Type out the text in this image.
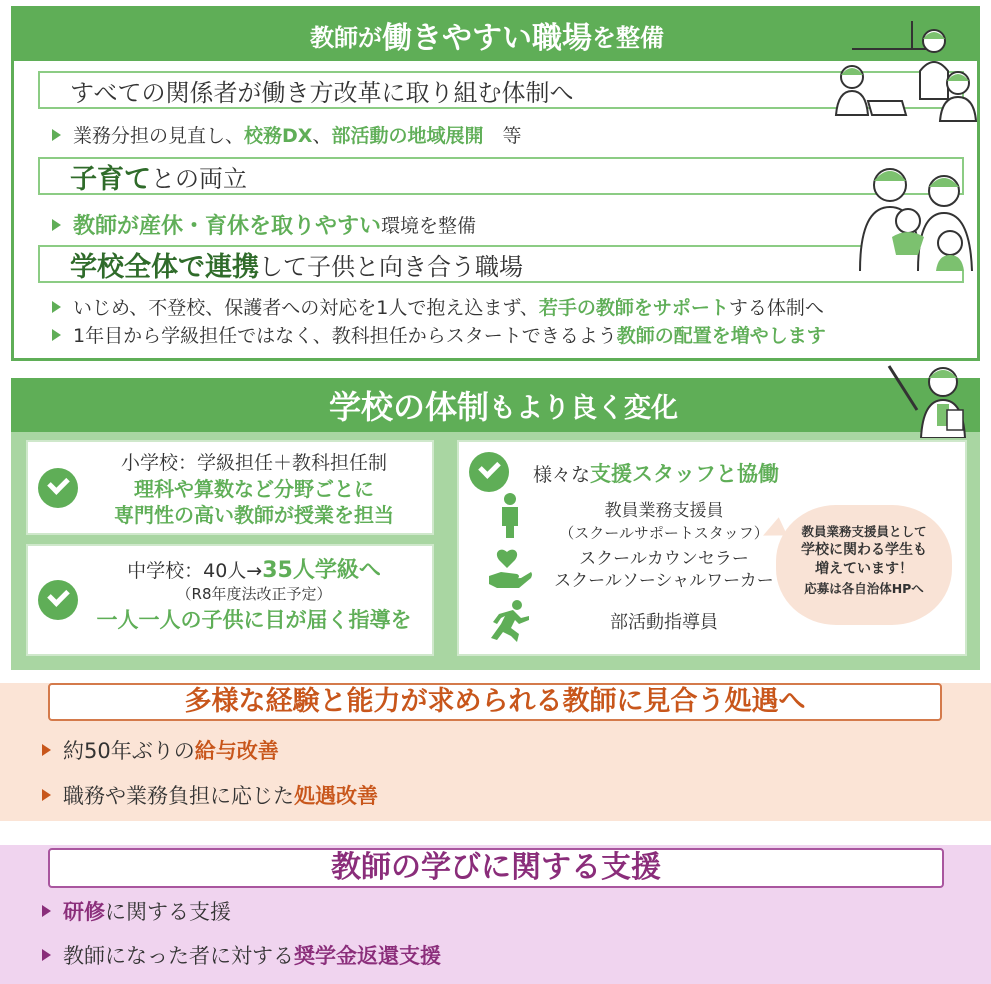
教師が 働きやすい職場 を整備
すべての関係者が働き方改革に取り組む体制へ
業務分担の見直し、 校務DX 、 部活動の地域展開 　等
子育て との両立
教師が産休・育休を取りやすい 環境を整備
学校全体で連携 して子供と向き合う職場
いじめ、不登校、保護者への対応を1人で抱え込まず、 若手の教師をサポート する体制へ
1年目から学級担任ではなく、教科担任からスタートできるよう 教師の配置を増やします
学校の体制 もより良く変化
小学校：学級担任＋教科担任制
理科や算数など分野ごとに
専門性の高い教師が授業を担当
中学校：40人→35人学級へ
（R8年度法改正予定）
一人一人の子供に目が届く指導を
様々な支援スタッフと協働
教員業務支援員
（スクールサポートスタッフ）
スクールカウンセラー
スクールソーシャルワーカー
部活動指導員
教員業務支援員として
学校に関わる学生も
増えています！
応募は各自治体HPへ
多様な経験と能力が求められる教師に見合う処遇へ
約50年ぶりの 給与改善
職務や業務負担に応じた 処遇改善
教師の学びに関する支援
研修 に関する支援
教師になった者に対する 奨学金返還支援
